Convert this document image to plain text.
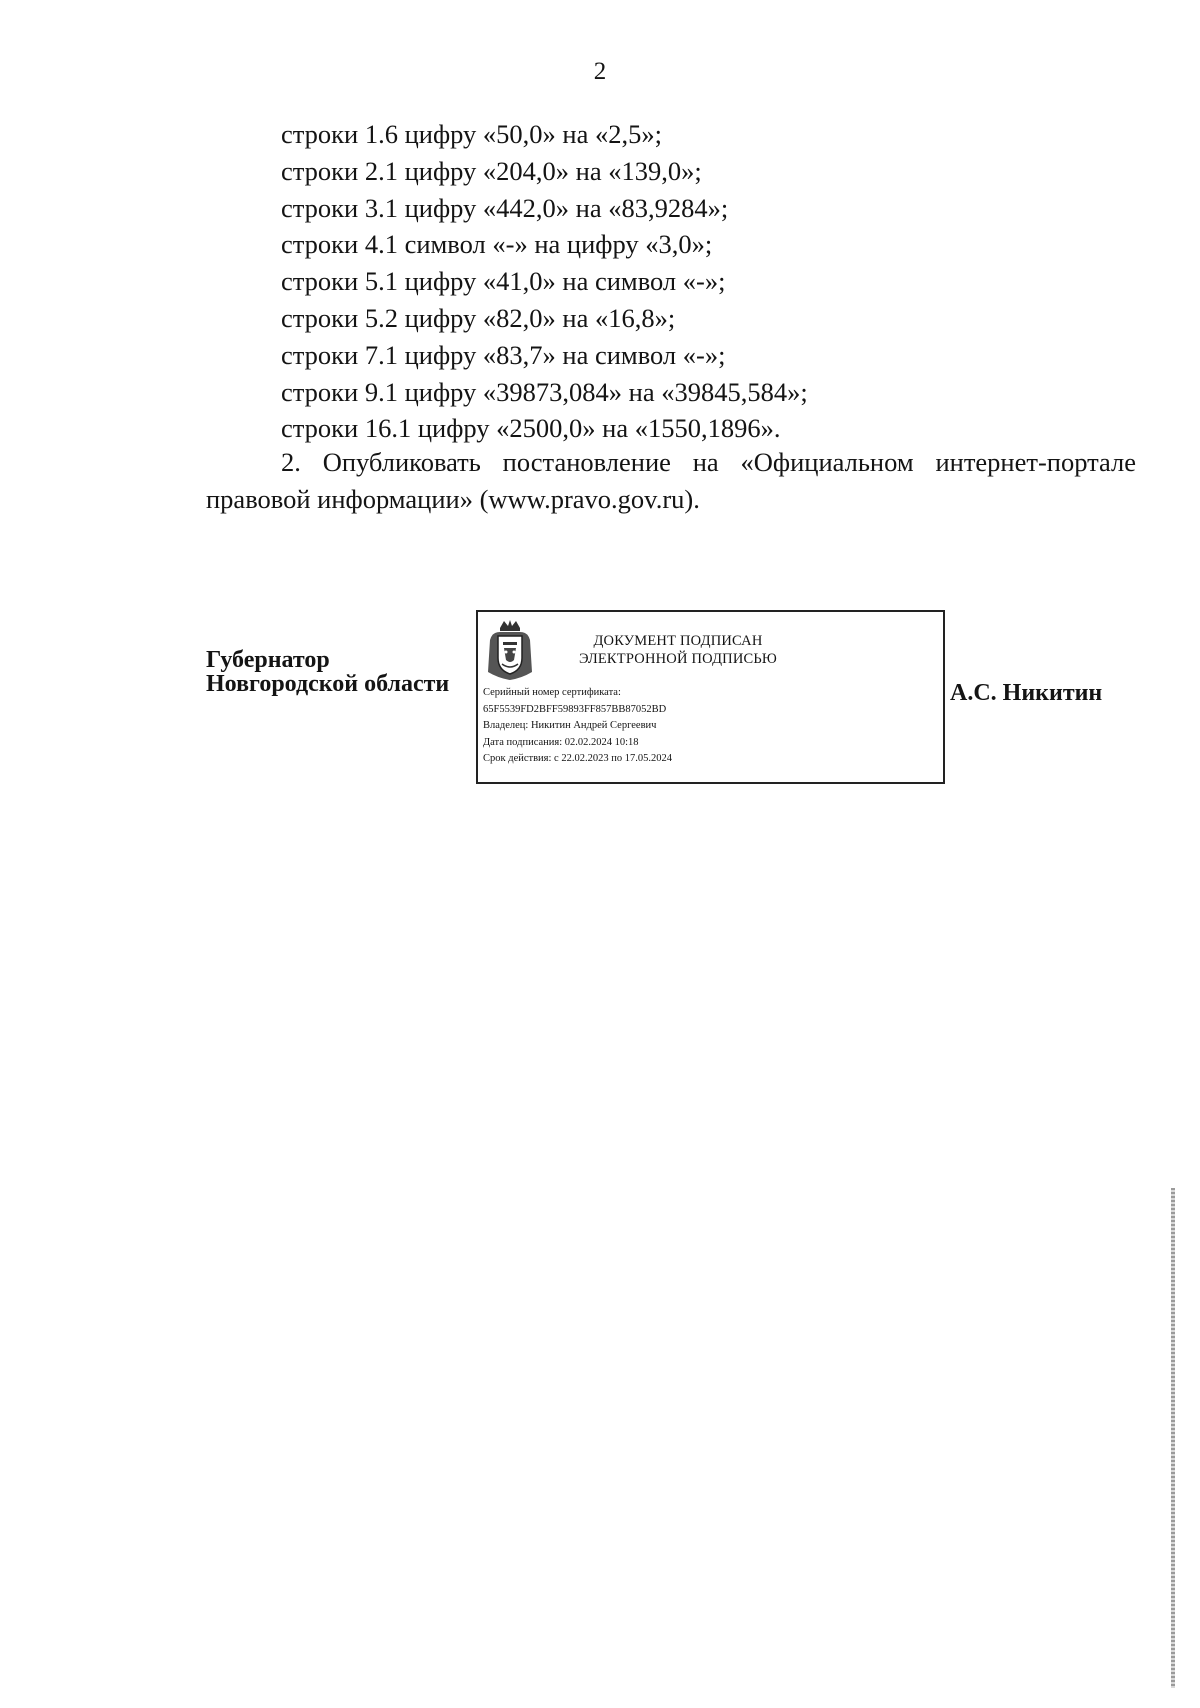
2
строки 1.6 цифру «50,0» на «2,5»;
строки 2.1 цифру «204,0» на «139,0»;
строки 3.1 цифру «442,0» на «83,9284»;
строки 4.1 символ «-» на цифру «3,0»;
строки 5.1 цифру «41,0» на символ «-»;
строки 5.2 цифру «82,0» на «16,8»;
строки 7.1 цифру «83,7» на символ «-»;
строки 9.1 цифру «39873,084» на «39845,584»;
строки 16.1 цифру «2500,0» на «1550,1896».

2. Опубликовать постановление на «Официальном интернет-портале правовой информации» (www.pravo.gov.ru).

Губернатор
Новгородской области
ДОКУМЕНТ ПОДПИСАН
ЭЛЕКТРОННОЙ ПОДПИСЬЮ
Серийный номер сертификата:
65F5539FD2BFF59893FF857BB87052BD
Владелец: Никитин Андрей Сергеевич
Дата подписания: 02.02.2024 10:18
Срок действия: с 22.02.2023 по 17.05.2024
А.С. Никитин
